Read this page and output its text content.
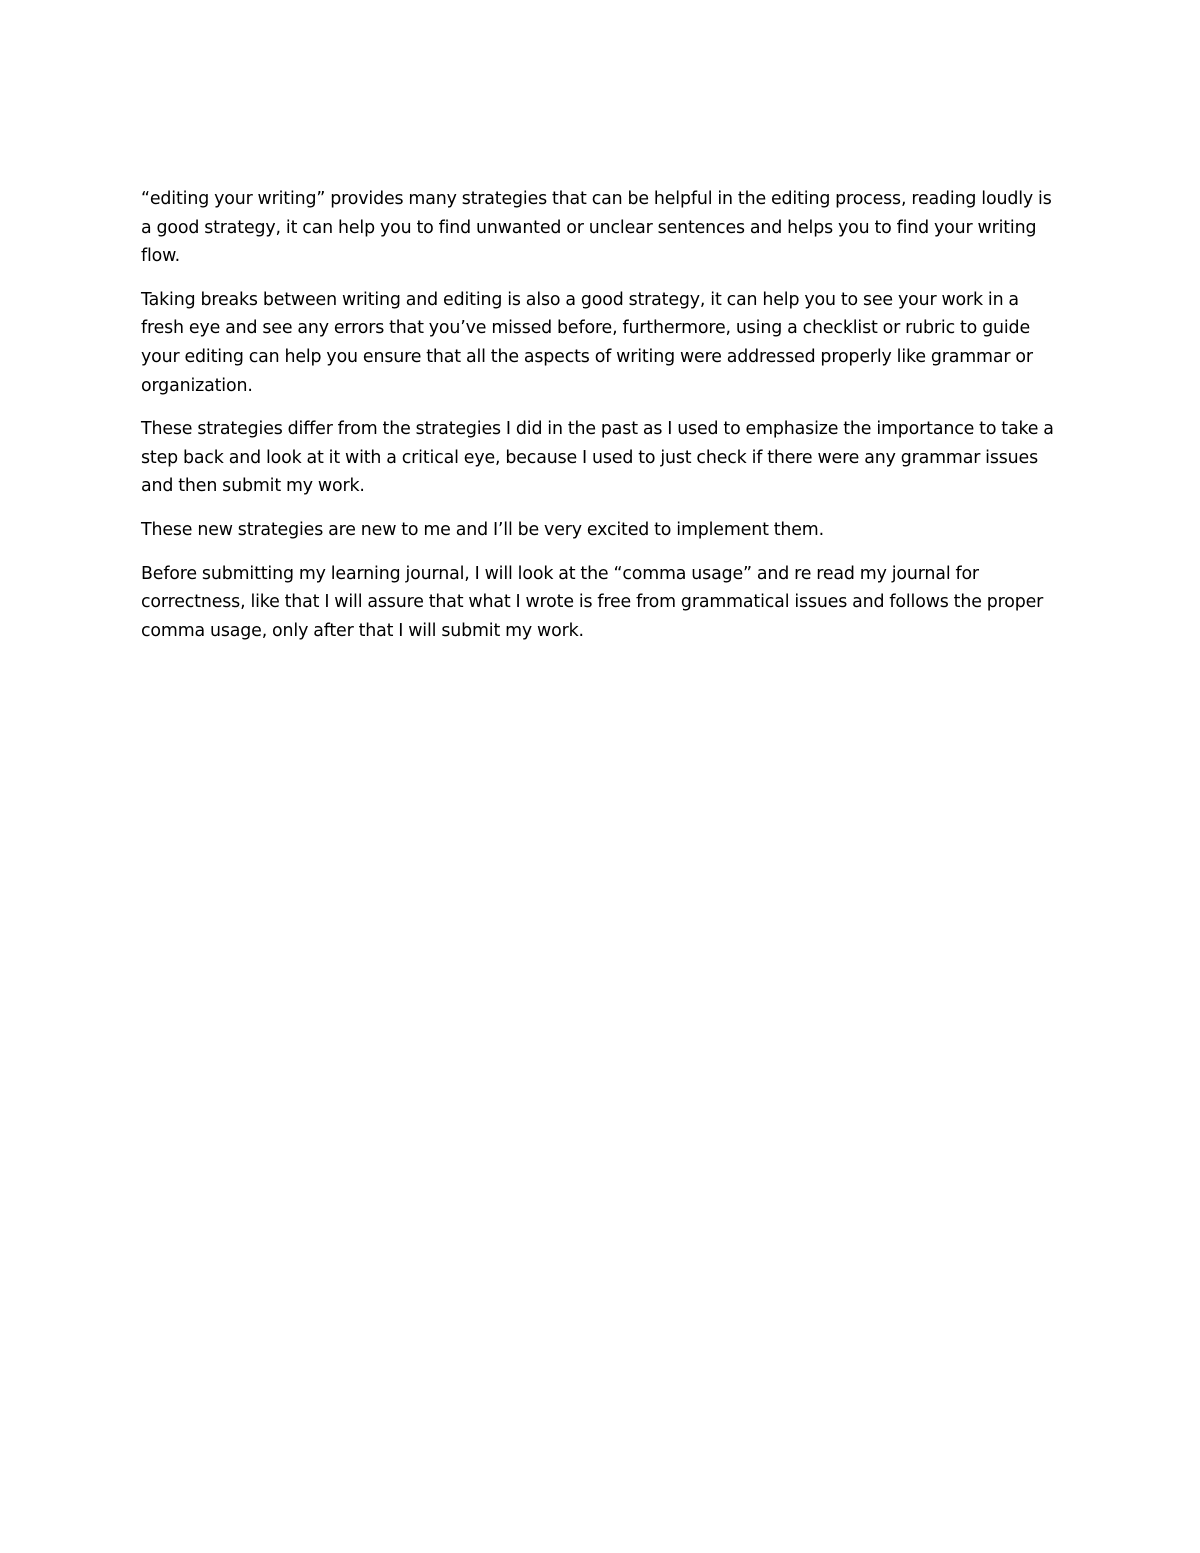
“editing your writing” provides many strategies that can be helpful in the editing process, reading loudly is a good strategy, it can help you to find unwanted or unclear sentences and helps you to find your writing flow.

Taking breaks between writing and editing is also a good strategy, it can help you to see your work in a fresh eye and see any errors that you’ve missed before, furthermore, using a checklist or rubric to guide your editing can help you ensure that all the aspects of writing were addressed properly like grammar or organization.

These strategies differ from the strategies I did in the past as I used to emphasize the importance to take a step back and look at it with a critical eye, because I used to just check if there were any grammar issues and then submit my work.

These new strategies are new to me and I’ll be very excited to implement them.

Before submitting my learning journal, I will look at the “comma usage” and re read my journal for correctness, like that I will assure that what I wrote is free from grammatical issues and follows the proper comma usage, only after that I will submit my work.
